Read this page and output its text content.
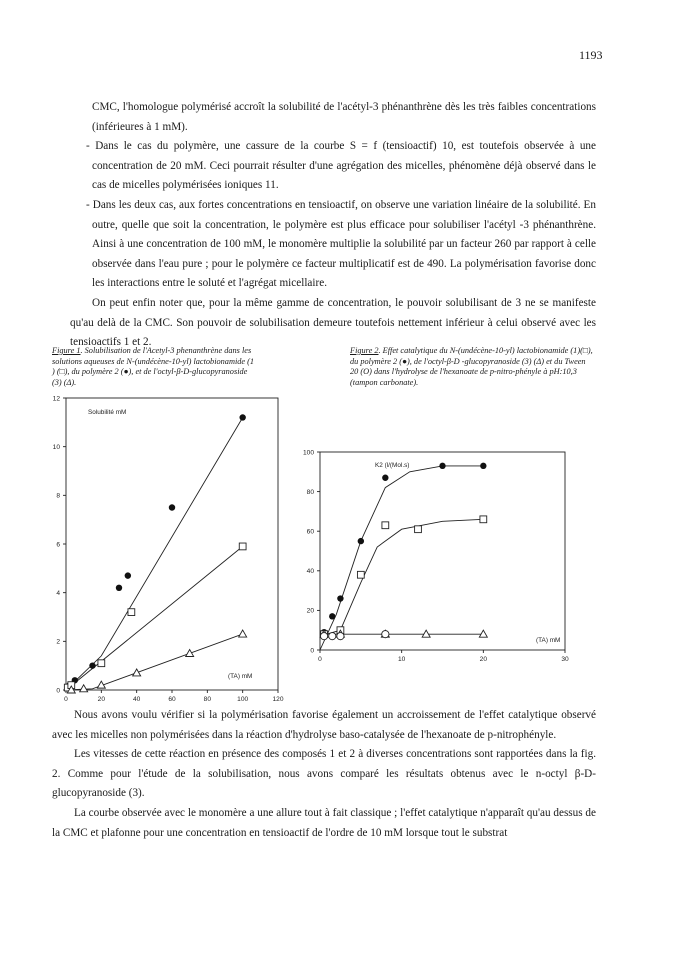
1193

CMC, l'homologue polymérisé accroît la solubilité de l'acétyl-3 phénanthrène dès les très faibles concentrations (inférieures à 1 mM).

- Dans le cas du polymère, une cassure de la courbe S = f (tensioactif) 10, est toutefois observée à une concentration de 20 mM. Ceci pourrait résulter d'une agrégation des micelles, phénomène déjà observé dans le cas de micelles polymérisées ioniques 11.

- Dans les deux cas, aux fortes concentrations en tensioactif, on observe une variation linéaire de la solubilité. En outre, quelle que soit la concentration, le polymère est plus efficace pour solubiliser l'acétyl -3 phénanthrène. Ainsi à une concentration de 100 mM, le monomère multiplie la solubilité par un facteur 260 par rapport à celle observée dans l'eau pure ; pour le polymère ce facteur multiplicatif est de 490. La polymérisation favorise donc les interactions entre le soluté et l'agrégat micellaire.

On peut enfin noter que, pour la même gamme de concentration, le pouvoir solubilisant de 3 ne se manifeste qu'au delà de la CMC. Son pouvoir de solubilisation demeure toutefois nettement inférieur à celui observé avec les tensioactifs 1 et 2.

Figure 1. Solubilisation de l'Acetyl-3 phenanthrène dans les solutions aqueuses de N-(undécène-10-yl) lactobionamide (1 ) (□), du polymère 2 (●), et de l'octyl-β-D-glucopyranoside (3) (Δ).
Figure 2. Effet catalytique du N-(undécène-10-yl) lactobionamide (1)(□), du polymère 2 (●), de l'octyl-β-D -glucopyranoside (3) (Δ) et du Tween 20 (O) dans l'hydrolyse de l'hexanoate de p-nitro-phényle à pH:10,3 (tampon carbonate).
Solubilité mM
(TA) mM
0	20	40	60	80	100	120
0
2
4
6
8
10
12
K2 (l/(Mol.s)
(TA) mM
0	10	20	30
0
20
40
60
80
100

Nous avons voulu vérifier si la polymérisation favorise également un accroissement de l'effet catalytique observé avec les micelles non polymérisées dans la réaction d'hydrolyse baso-catalysée de l'hexanoate de p-nitrophényle.

Les vitesses de cette réaction en présence des composés 1 et 2 à diverses concentrations sont rapportées dans la fig. 2. Comme pour l'étude de la solubilisation, nous avons comparé les résultats obtenus avec le n-octyl β-D-glucopyranoside (3).

La courbe observée avec le monomère a une allure tout à fait classique ; l'effet catalytique n'apparaît qu'au dessus de la CMC et plafonne pour une concentration en tensioactif de l'ordre de 10 mM lorsque tout le substrat
